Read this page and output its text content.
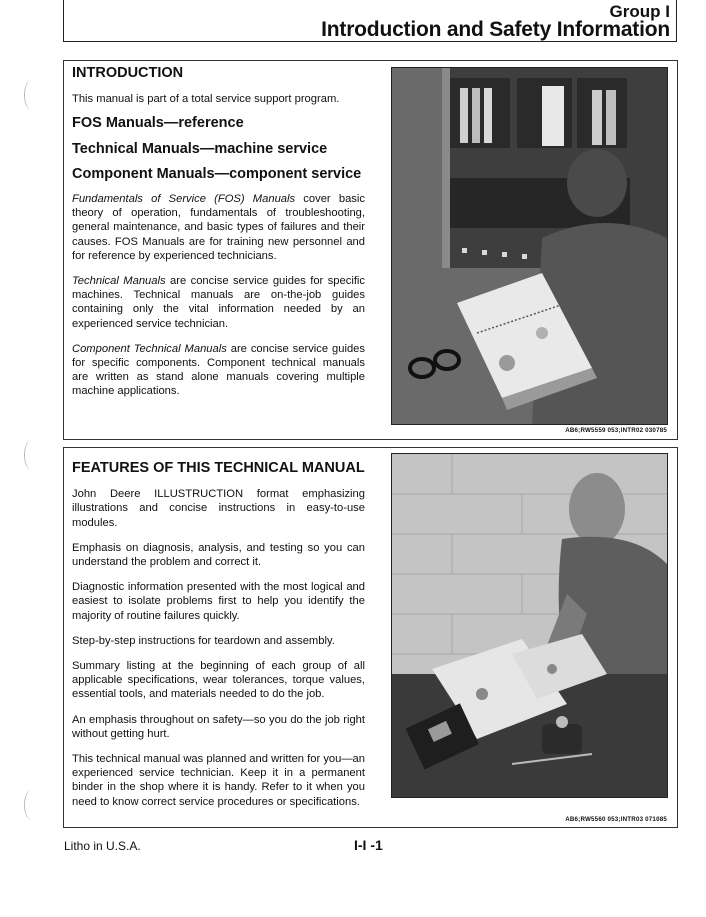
Group I
Introduction and Safety Information
INTRODUCTION
This manual is part of a total service support program.
FOS Manuals—reference
Technical Manuals—machine service
Component Manuals—component service
Fundamentals of Service (FOS) Manuals cover basic theory of operation, fundamentals of troubleshooting, general maintenance, and basic types of failures and their causes. FOS Manuals are for training new personnel and for reference by experienced technicians.
Technical Manuals are concise service guides for specific machines. Technical manuals are on-the-job guides containing only the vital information needed by an experienced service technician.
Component Technical Manuals are concise service guides for specific components. Component technical manuals are written as stand alone manuals covering multiple machine applications.
AB6;RW5559 053;INTR02 030785
FEATURES OF THIS TECHNICAL MANUAL
John Deere ILLUSTRUCTION format emphasizing illustrations and concise instructions in easy-to-use modules.
Emphasis on diagnosis, analysis, and testing so you can understand the problem and correct it.
Diagnostic information presented with the most logical and easiest to isolate problems first to help you identify the majority of routine failures quickly.
Step-by-step instructions for teardown and assembly.
Summary listing at the beginning of each group of all applicable specifications, wear tolerances, torque values, essential tools, and materials needed to do the job.
An emphasis throughout on safety—so you do the job right without getting hurt.
This technical manual was planned and written for you—an experienced service technician. Keep it in a permanent binder in the shop where it is handy. Refer to it when you need to know correct service procedures or specifications.
AB6;RW5560 053;INTR03 071085
Litho in U.S.A.	I-I -1
